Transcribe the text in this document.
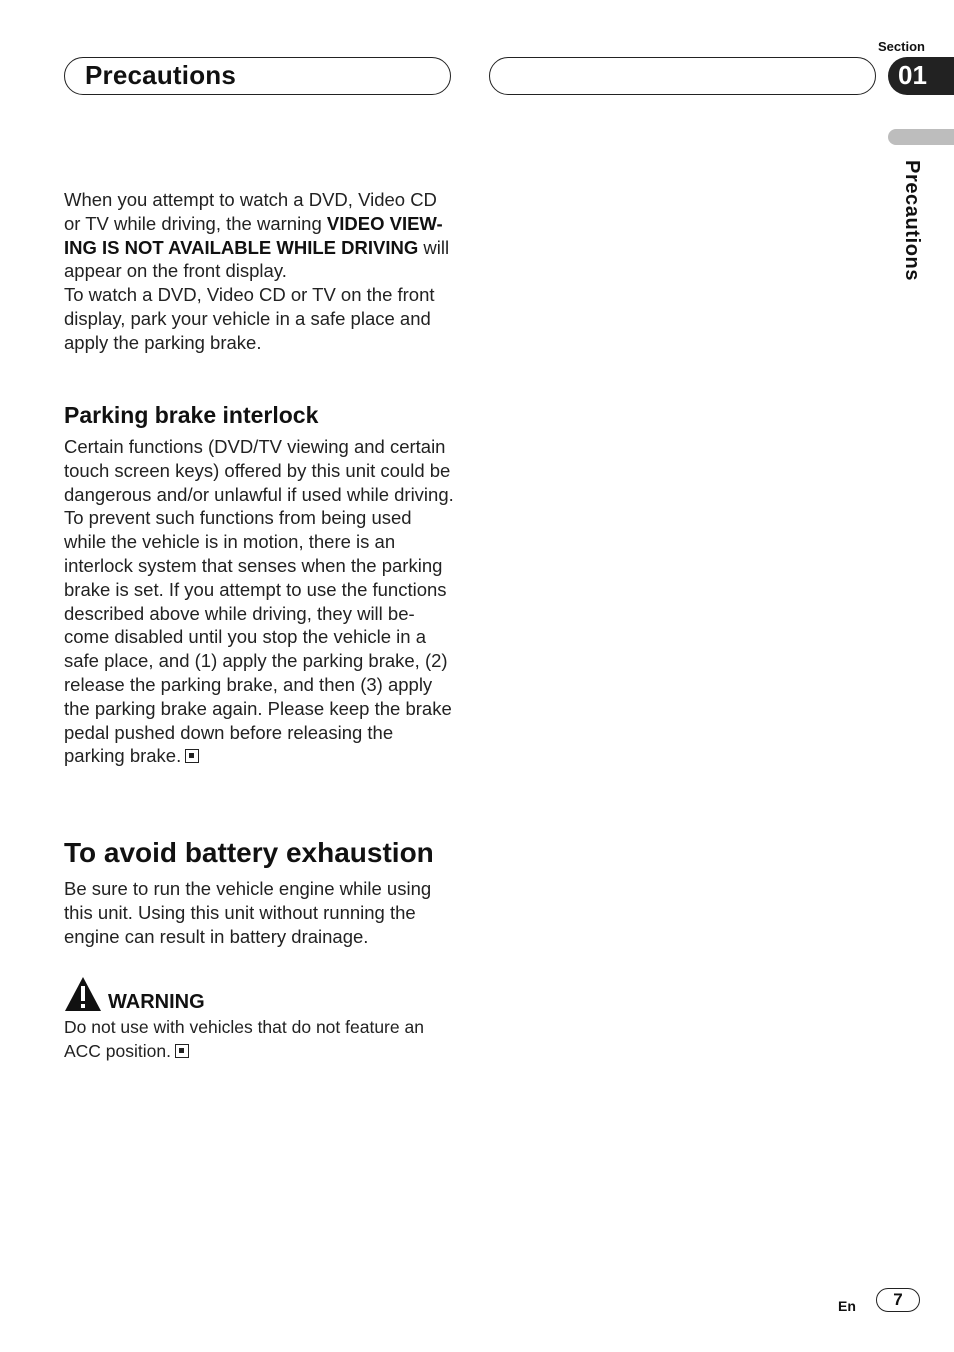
Precautions
Section
01
Precautions

When you attempt to watch a DVD, Video CD or TV while driving, the warning VIDEO VIEW-ING IS NOT AVAILABLE WHILE DRIVING will appear on the front display.
To watch a DVD, Video CD or TV on the front display, park your vehicle in a safe place and apply the parking brake.

Parking brake interlock

Certain functions (DVD/TV viewing and certain touch screen keys) offered by this unit could be dangerous and/or unlawful if used while driving. To prevent such functions from being used while the vehicle is in motion, there is an interlock system that senses when the parking brake is set. If you attempt to use the functions described above while driving, they will be-come disabled until you stop the vehicle in a safe place, and (1) apply the parking brake, (2) release the parking brake, and then (3) apply the parking brake again. Please keep the brake pedal pushed down before releasing the parking brake.

To avoid battery exhaustion

Be sure to run the vehicle engine while using this unit. Using this unit without running the engine can result in battery drainage.

WARNING

Do not use with vehicles that do not feature an ACC position.

En	7
